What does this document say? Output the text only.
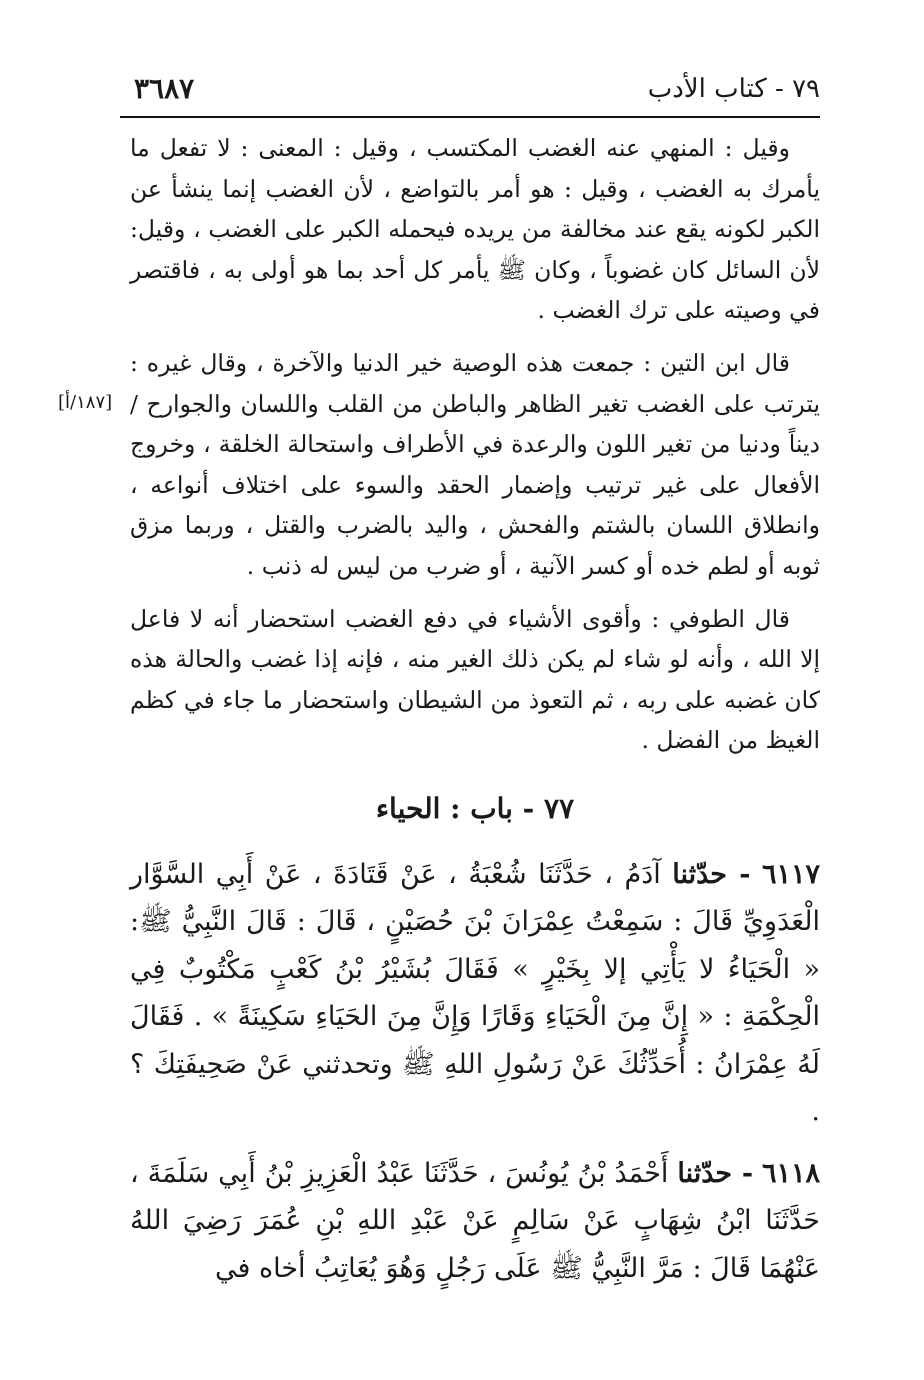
٣٦٨٧	٧٩ - كتاب الأدب
[١٨٧/أ]

وقيل : المنهي عنه الغضب المكتسب ، وقيل : المعنى : لا تفعل ما يأمرك به الغضب ، وقيل : هو أمر بالتواضع ، لأن الغضب إنما ينشأ عن الكبر لكونه يقع عند مخالفة من يريده فيحمله الكبر على الغضب ، وقيل: لأن السائل كان غضوباً ، وكان ﷺ يأمر كل أحد بما هو أولى به ، فاقتصر في وصيته على ترك الغضب .

قال ابن التين : جمعت هذه الوصية خير الدنيا والآخرة ، وقال غيره : يترتب على الغضب تغير الظاهر والباطن من القلب واللسان والجوارح / ديناً ودنيا من تغير اللون والرعدة في الأطراف واستحالة الخلقة ، وخروج الأفعال على غير ترتيب وإضمار الحقد والسوء على اختلاف أنواعه ، وانطلاق اللسان بالشتم والفحش ، واليد بالضرب والقتل ، وربما مزق ثوبه أو لطم خده أو كسر الآنية ، أو ضرب من ليس له ذنب .

قال الطوفي : وأقوى الأشياء في دفع الغضب استحضار أنه لا فاعل إلا الله ، وأنه لو شاء لم يكن ذلك الغير منه ، فإنه إذا غضب والحالة هذه كان غضبه على ربه ، ثم التعوذ من الشيطان واستحضار ما جاء في كظم الغيظ من الفضل .

٧٧ - باب : الحياء

٦١١٧ - حدّثنا آدَمُ ، حَدَّثَنَا شُعْبَةُ ، عَنْ قَتَادَةَ ، عَنْ أَبِي السَّوَّار الْعَدَوِيِّ قَالَ : سَمِعْتُ عِمْرَانَ بْنَ حُصَيْنٍ ، قَالَ : قَالَ النَّبِيُّ ﷺ: « الْحَيَاءُ لا يَأْتِي إلا بِخَيْرٍ » فَقَالَ بُشَيْرُ بْنُ كَعْبٍ مَكْتُوبٌ فِي الْحِكْمَةِ : « إِنَّ مِنَ الْحَيَاءِ وَقَارًا وَإِنَّ مِنَ الحَيَاءِ سَكِينَةً » . فَقَالَ لَهُ عِمْرَانُ : أُحَدِّثُكَ عَنْ رَسُولِ اللهِ ﷺ وتحدثني عَنْ صَحِيفَتِكَ ؟ .

٦١١٨ - حدّثنا أَحْمَدُ بْنُ يُونُسَ ، حَدَّثَنَا عَبْدُ الْعَزِيزِ بْنُ أَبِي سَلَمَةَ ، حَدَّثَنَا ابْنُ شِهَابٍ عَنْ سَالِمٍ عَنْ عَبْدِ اللهِ بْنِ عُمَرَ رَضِيَ اللهُ عَنْهُمَا قَالَ : مَرَّ النَّبِيُّ ﷺ عَلَى رَجُلٍ وَهُوَ يُعَاتِبُ أخاه في
